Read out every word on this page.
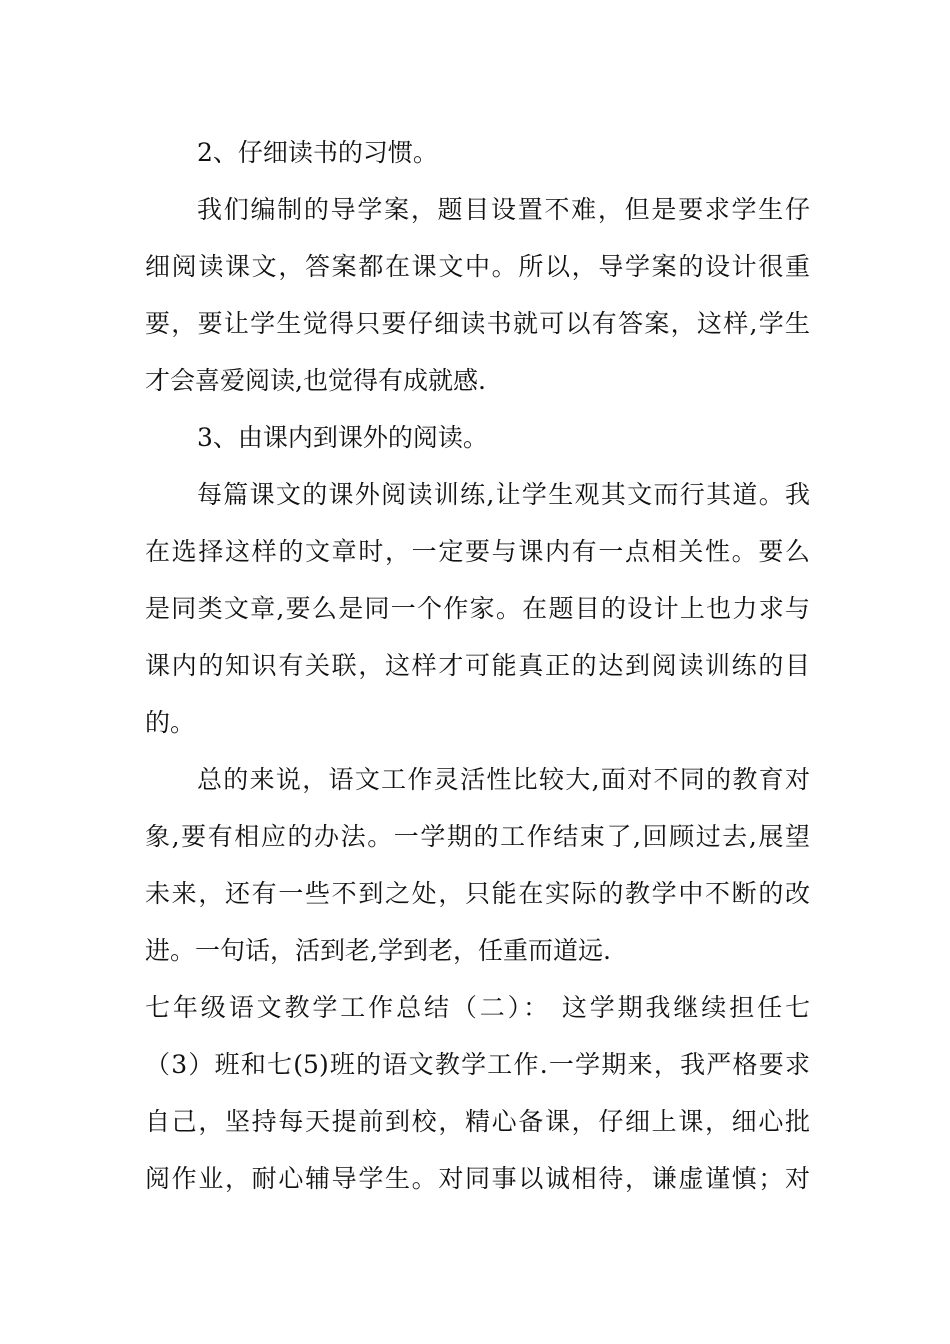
2、仔细读书的习惯。
我们编制的导学案，题目设置不难，但是要求学生仔
细阅读课文，答案都在课文中。所以，导学案的设计很重
要，要让学生觉得只要仔细读书就可以有答案，这样,学生
才会喜爱阅读,也觉得有成就感.
3、由课内到课外的阅读。
每篇课文的课外阅读训练,让学生观其文而行其道。我
在选择这样的文章时，一定要与课内有一点相关性。要么
是同类文章,要么是同一个作家。在题目的设计上也力求与
课内的知识有关联，这样才可能真正的达到阅读训练的目
的。
总的来说，语文工作灵活性比较大,面对不同的教育对
象,要有相应的办法。一学期的工作结束了,回顾过去,展望
未来，还有一些不到之处，只能在实际的教学中不断的改
进。一句话，活到老,学到老，任重而道远.
七年级语文教学工作总结（二）： 这学期我继续担任七
（3）班和七(5)班的语文教学工作.一学期来，我严格要求
自己，坚持每天提前到校，精心备课，仔细上课，细心批
阅作业，耐心辅导学生。对同事以诚相待，谦虚谨慎；对
